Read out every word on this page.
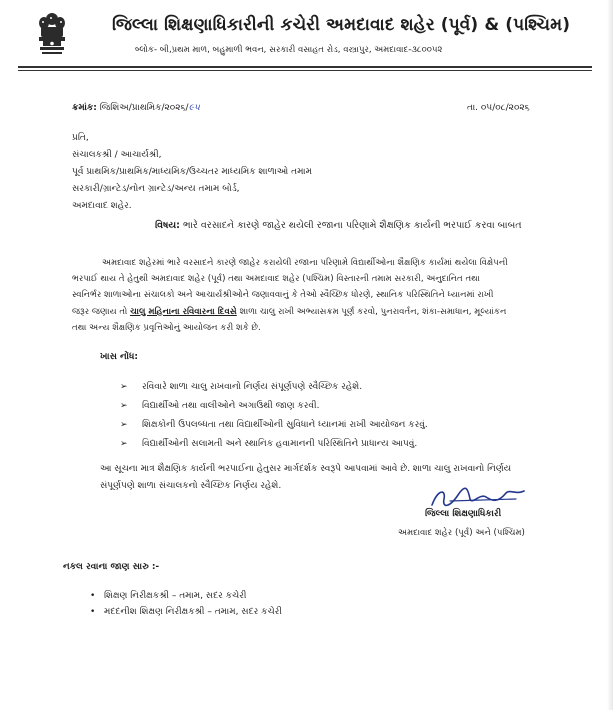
જિલ્લા શિક્ષણાધિકારીની કચેરી અમદાવાદ શહેર (પૂર્વ) & (પશ્ચિમ)
બ્લોક- બી,પ્રથમ માળ, બહુમાળી ભવન, સરકારી વસાહત રોડ, વસ્ત્રાપુર, અમદાવાદ-૩૮૦૦૫૨
ક્રમાંક: જિશિઅ/પ્રાથમિક/૨૦૨૬/૯૫	તા. ૦૫/૦૮/૨૦૨૬
પ્રતિ,
સંચાલકશ્રી / આચાર્યશ્રી,
પૂર્વ પ્રાથમિક/પ્રાથમિક/માધ્યમિક/ઉચ્ચતર માધ્યમિક શાળાઓ તમામ
સરકારી/ગ્રાન્ટેડ/નોન ગ્રાન્ટેડ/અન્ય તમામ બોર્ડ,
અમદાવાદ શહેર.
વિષય: ભારે વરસાદને કારણે જાહેર થયેલી રજાના પરિણામે શૈક્ષણિક કાર્યની ભરપાઈ કરવા બાબત
અમદાવાદ શહેરમાં ભારે વરસાદને કારણે જાહેર કરાયેલી રજાના પરિણામે વિદ્યાર્થીઓના શૈક્ષણિક કાર્યમાં થયેલા વિક્ષેપની
ભરપાઈ થાય તે હેતુથી અમદાવાદ શહેર (પૂર્વ) તથા અમદાવાદ શહેર (પશ્ચિમ) વિસ્તારની તમામ સરકારી, અનુદાનિત તથા
સ્વનિર્ભર શાળાઓના સંચાલકો અને આચાર્યશ્રીઓને જણાવવાનું કે તેઓ સ્વૈચ્છિક ધોરણે, સ્થાનિક પરિસ્થિતિને ધ્યાનમાં રાખી
જરૂર જણાય તો ચાલુ મહિનાના રવિવારના દિવસે શાળા ચાલુ રાખી અભ્યાસક્રમ પૂર્ણ કરવો, પુનરાવર્તન, શંકા-સમાધાન, મૂલ્યાંકન
તથા અન્ય શૈક્ષણિક પ્રવૃત્તિઓનું આયોજન કરી શકે છે.
ખાસ નોંધ:
➢ રવિવારે શાળા ચાલુ રાખવાનો નિર્ણય સંપૂર્ણપણે સ્વૈચ્છિક રહેશે.
➢ વિદ્યાર્થીઓ તથા વાલીઓને અગાઉથી જાણ કરવી.
➢ શિક્ષકોની ઉપલબ્ધતા તથા વિદ્યાર્થીઓની સુવિધાને ધ્યાનમાં રાખી આયોજન કરવું.
➢ વિદ્યાર્થીઓની સલામતી અને સ્થાનિક હવામાનની પરિસ્થિતિને પ્રાધાન્ય આપવું.
આ સૂચના માત્ર શૈક્ષણિક કાર્યની ભરપાઈના હેતુસર માર્ગદર્શક સ્વરૂપે આપવામાં આવે છે. શાળા ચાલુ રાખવાનો નિર્ણય
સંપૂર્ણપણે શાળા સંચાલકનો સ્વૈચ્છિક નિર્ણય રહેશે.
જિલ્લા શિક્ષણાધિકારી
અમદાવાદ શહેર (પૂર્વ) અને (પશ્ચિમ)
નકલ રવાના જાણ સારુ :-
• શિક્ષણ નિરીક્ષકશ્રી – તમામ, સદર કચેરી
• મદદનીશ શિક્ષણ નિરીક્ષકશ્રી – તમામ, સદર કચેરી
